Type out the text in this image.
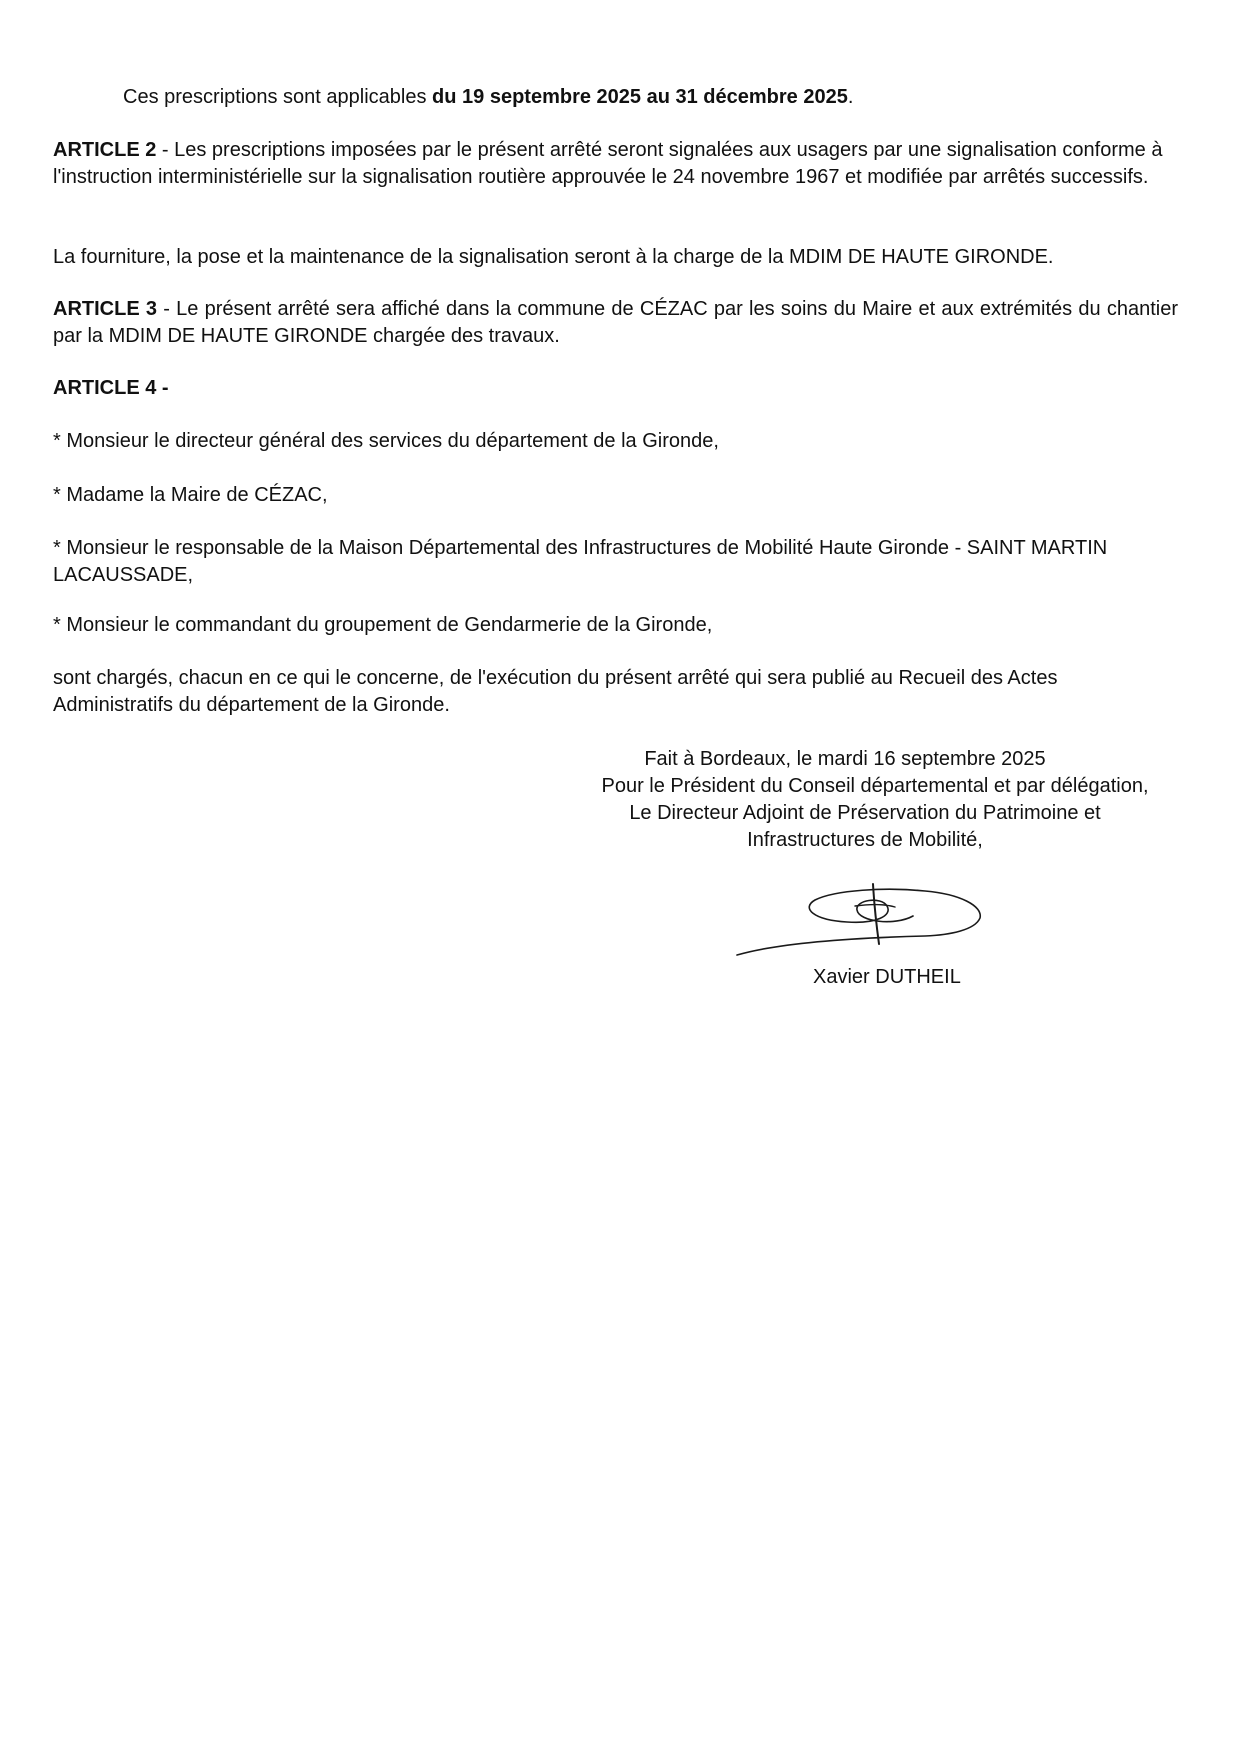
Ces prescriptions sont applicables du 19 septembre 2025 au 31 décembre 2025.

ARTICLE 2 - Les prescriptions imposées par le présent arrêté seront signalées aux usagers par une signalisation conforme à l'instruction interministérielle sur la signalisation routière approuvée le 24 novembre 1967 et modifiée par arrêtés successifs.

La fourniture, la pose et la maintenance de la signalisation seront à la charge de la MDIM DE HAUTE GIRONDE.

ARTICLE 3 - Le présent arrêté sera affiché dans la commune de CÉZAC par les soins du Maire et aux extrémités du chantier par la MDIM DE HAUTE GIRONDE chargée des travaux.

ARTICLE 4 -

* Monsieur le directeur général des services du département de la Gironde,

* Madame la Maire de CÉZAC,

* Monsieur le responsable de la Maison Départemental des Infrastructures de Mobilité Haute Gironde - SAINT MARTIN LACAUSSADE,

* Monsieur le commandant du groupement de Gendarmerie de la Gironde,

sont chargés, chacun en ce qui le concerne, de l'exécution du présent arrêté qui sera publié au Recueil des Actes Administratifs du département de la Gironde.

Fait à Bordeaux, le mardi 16 septembre 2025
Pour le Président du Conseil départemental et par délégation,
Le Directeur Adjoint de Préservation du Patrimoine et
Infrastructures de Mobilité,
Xavier DUTHEIL
